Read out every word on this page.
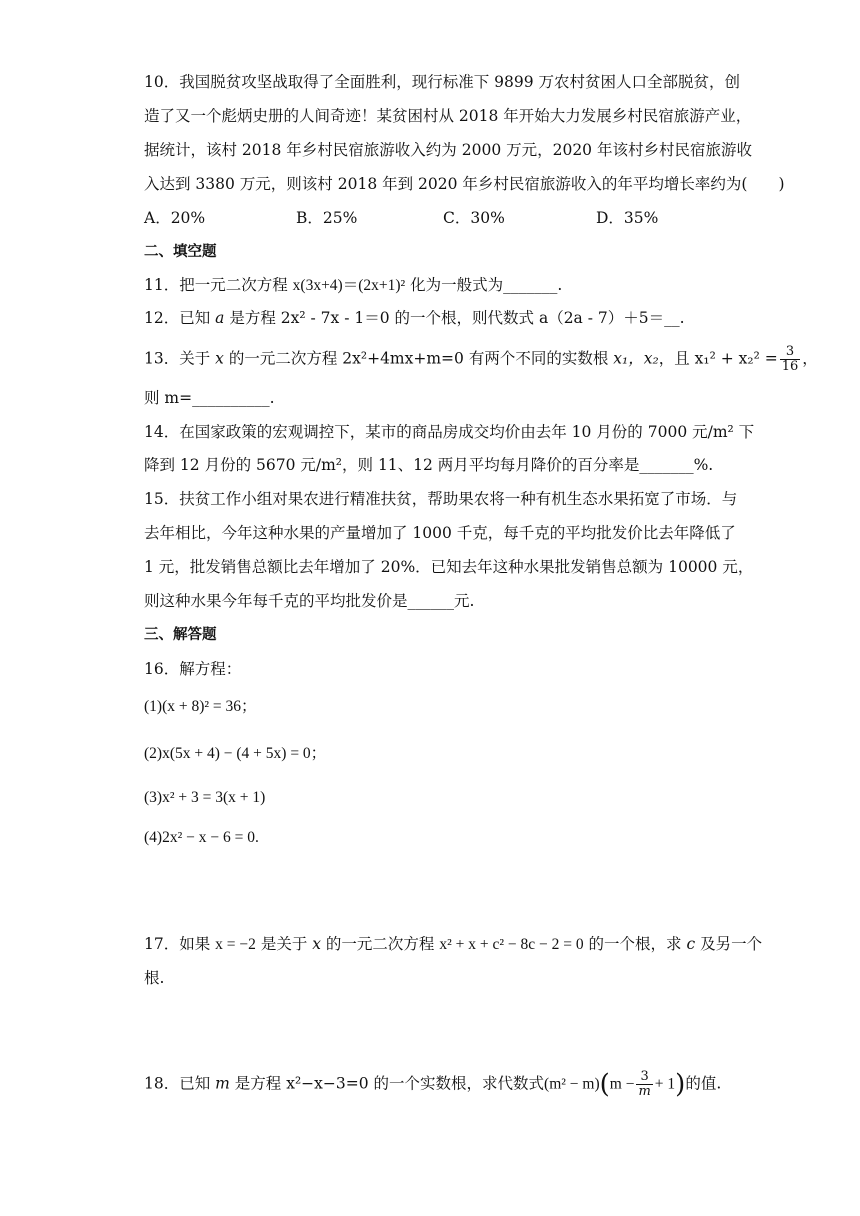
10．我国脱贫攻坚战取得了全面胜利，现行标准下 9899 万农村贫困人口全部脱贫，创
造了又一个彪炳史册的人间奇迹！某贫困村从 2018 年开始大力发展乡村民宿旅游产业，
据统计，该村 2018 年乡村民宿旅游收入约为 2000 万元，2020 年该村乡村民宿旅游收
入达到 3380 万元，则该村 2018 年到 2020 年乡村民宿旅游收入的年平均增长率约为(　　)
A．20%	B．25%	C．30%	D．35%
二、填空题
11．把一元二次方程 x(3x+4)＝(2x+1)² 化为一般式为_______.
12．已知 a 是方程 2x² ‑ 7x ‑ 1＝0 的一个根，则代数式 a（2a ‑ 7）＋5＝__.
13．关于 x 的一元二次方程 2x²+4mx+m=0 有两个不同的实数根 x₁，x₂，且 $x_1^2 + x_2^2 = \frac{3}{16}$ ，
则 m=__________.
14．在国家政策的宏观调控下，某市的商品房成交均价由去年 10 月份的 7000 元/m² 下
降到 12 月份的 5670 元/m²，则 11、12 两月平均每月降价的百分率是_______%.
15．扶贫工作小组对果农进行精准扶贫，帮助果农将一种有机生态水果拓宽了市场．与
去年相比，今年这种水果的产量增加了 1000 千克，每千克的平均批发价比去年降低了
1 元，批发销售总额比去年增加了 20%．已知去年这种水果批发销售总额为 10000 元，
则这种水果今年每千克的平均批发价是______元.
三、解答题
16．解方程：
(1)(x + 8)² = 36；
(2)x(5x + 4) − (4 + 5x) = 0；
(3)x² + 3 = 3(x + 1)
(4)2x² − x − 6 = 0.
17．如果 x = −2 是关于 x 的一元二次方程 x² + x + c² − 8c − 2 = 0 的一个根，求 c 及另一个
根.
18．已知 m 是方程 x²−x−3=0 的一个实数根，求代数式$(m^2 - m)(m - \frac{3}{m} + 1)$的值.
